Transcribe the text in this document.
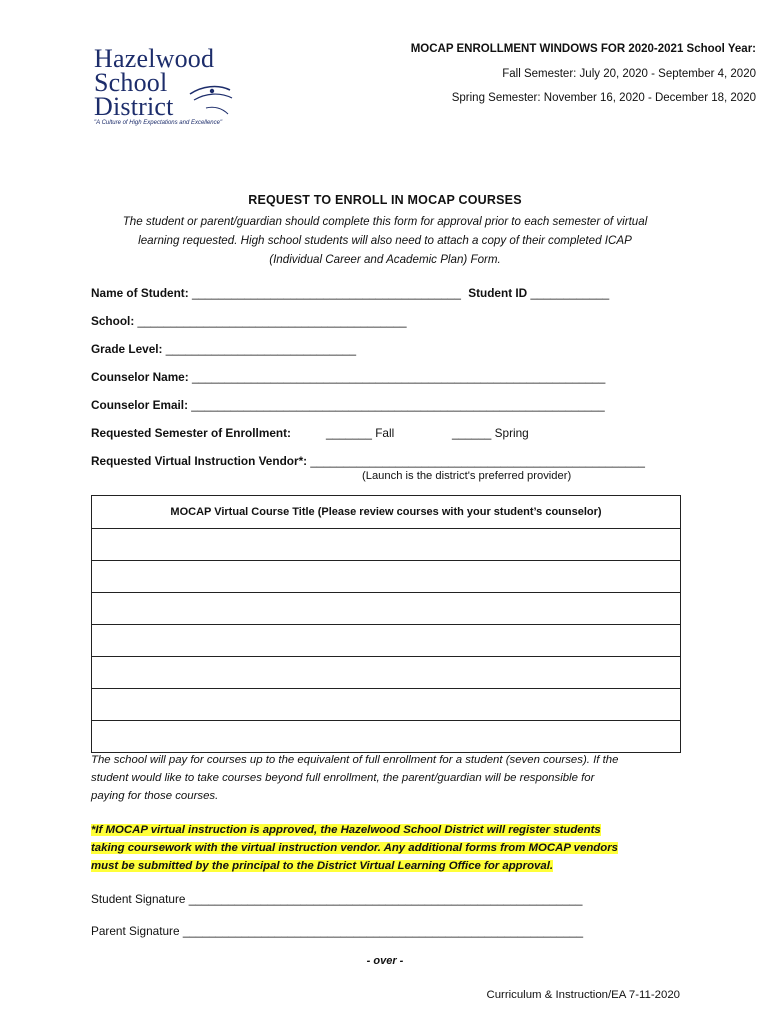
Hazelwood
School
District
"A Culture of High Expectations and Excellence"
MOCAP ENROLLMENT WINDOWS FOR 2020-2021 School Year:
Fall Semester: July 20, 2020 - September 4, 2020
Spring Semester: November 16, 2020 - December 18, 2020
REQUEST TO ENROLL IN MOCAP COURSES
The student or parent/guardian should complete this form for approval prior to each semester of virtual
learning requested. High school students will also need to attach a copy of their completed ICAP
(Individual Career and Academic Plan) Form.
Name of Student: _________________________________________ Student ID ____________
School: _________________________________________
Grade Level: _____________________________
Counselor Name: _______________________________________________________________
Counselor Email: _______________________________________________________________
Requested Semester of Enrollment:	_______ Fall	______ Spring
Requested Virtual Instruction Vendor*: ___________________________________________________
(Launch is the district's preferred provider)
MOCAP Virtual Course Title (Please review courses with your student’s counselor)

The school will pay for courses up to the equivalent of full enrollment for a student (seven courses). If the
student would like to take courses beyond full enrollment, the parent/guardian will be responsible for
paying for those courses.
*If MOCAP virtual instruction is approved, the Hazelwood School District will register students
taking coursework with the virtual instruction vendor. Any additional forms from MOCAP vendors
must be submitted by the principal to the District Virtual Learning Office for approval.
Student Signature ____________________________________________________________
Parent Signature _____________________________________________________________
- over -
Curriculum & Instruction/EA 7-11-2020
